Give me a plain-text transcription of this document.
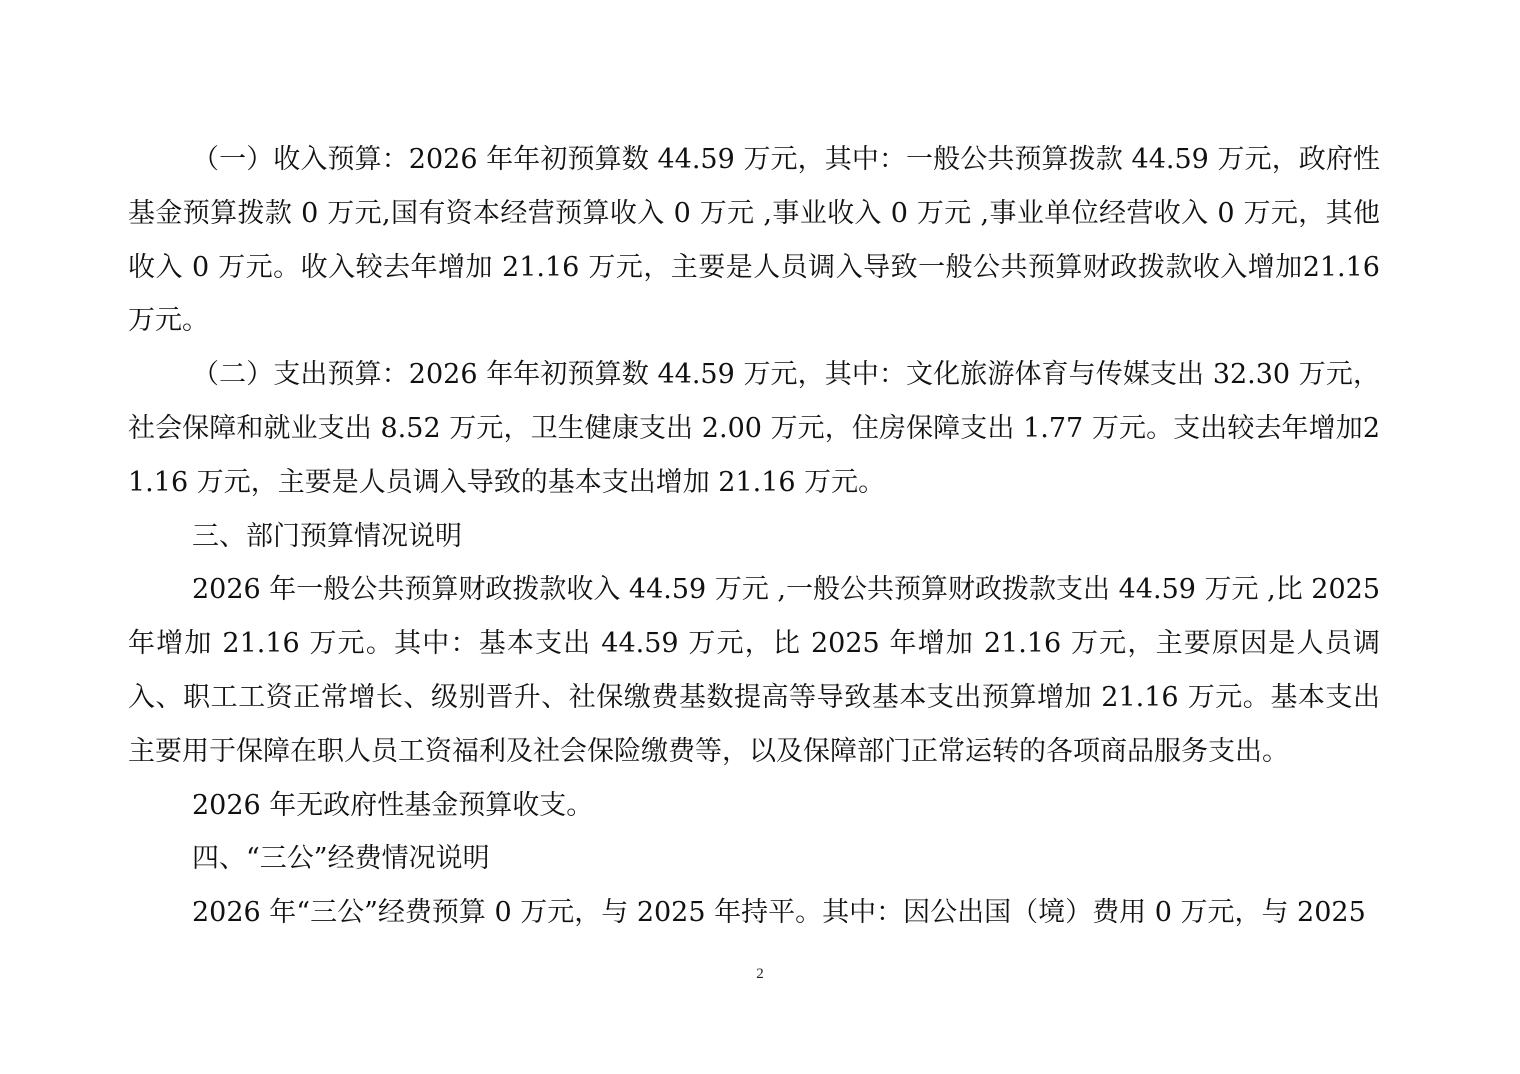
（一）收入预算：2026 年年初预算数 44.59 万元，其中：一般公共预算拨款 44.59 万元，政府性基金预算拨款 0 万元,国有资本经营预算收入 0 万元 ,事业收入 0 万元 ,事业单位经营收入 0 万元，其他收入 0 万元。收入较去年增加 21.16 万元，主要是人员调入导致一般公共预算财政拨款收入增加21.16 万元。

（二）支出预算：2026 年年初预算数 44.59 万元，其中：文化旅游体育与传媒支出 32.30 万元，社会保障和就业支出 8.52 万元，卫生健康支出 2.00 万元，住房保障支出 1.77 万元。支出较去年增加21.16 万元，主要是人员调入导致的基本支出增加 21.16 万元。

三、部门预算情况说明

2026 年一般公共预算财政拨款收入 44.59 万元 ,一般公共预算财政拨款支出 44.59 万元 ,比 2025年增加 21.16 万元。其中：基本支出 44.59 万元，比 2025 年增加 21.16 万元，主要原因是人员调入、职工工资正常增长、级别晋升、社保缴费基数提高等导致基本支出预算增加 21.16 万元。基本支出主要用于保障在职人员工资福利及社会保险缴费等，以及保障部门正常运转的各项商品服务支出。

2026 年无政府性基金预算收支。

四、“三公”经费情况说明

2026 年“三公”经费预算 0 万元，与 2025 年持平。其中：因公出国（境）费用 0 万元，与 2025

2
